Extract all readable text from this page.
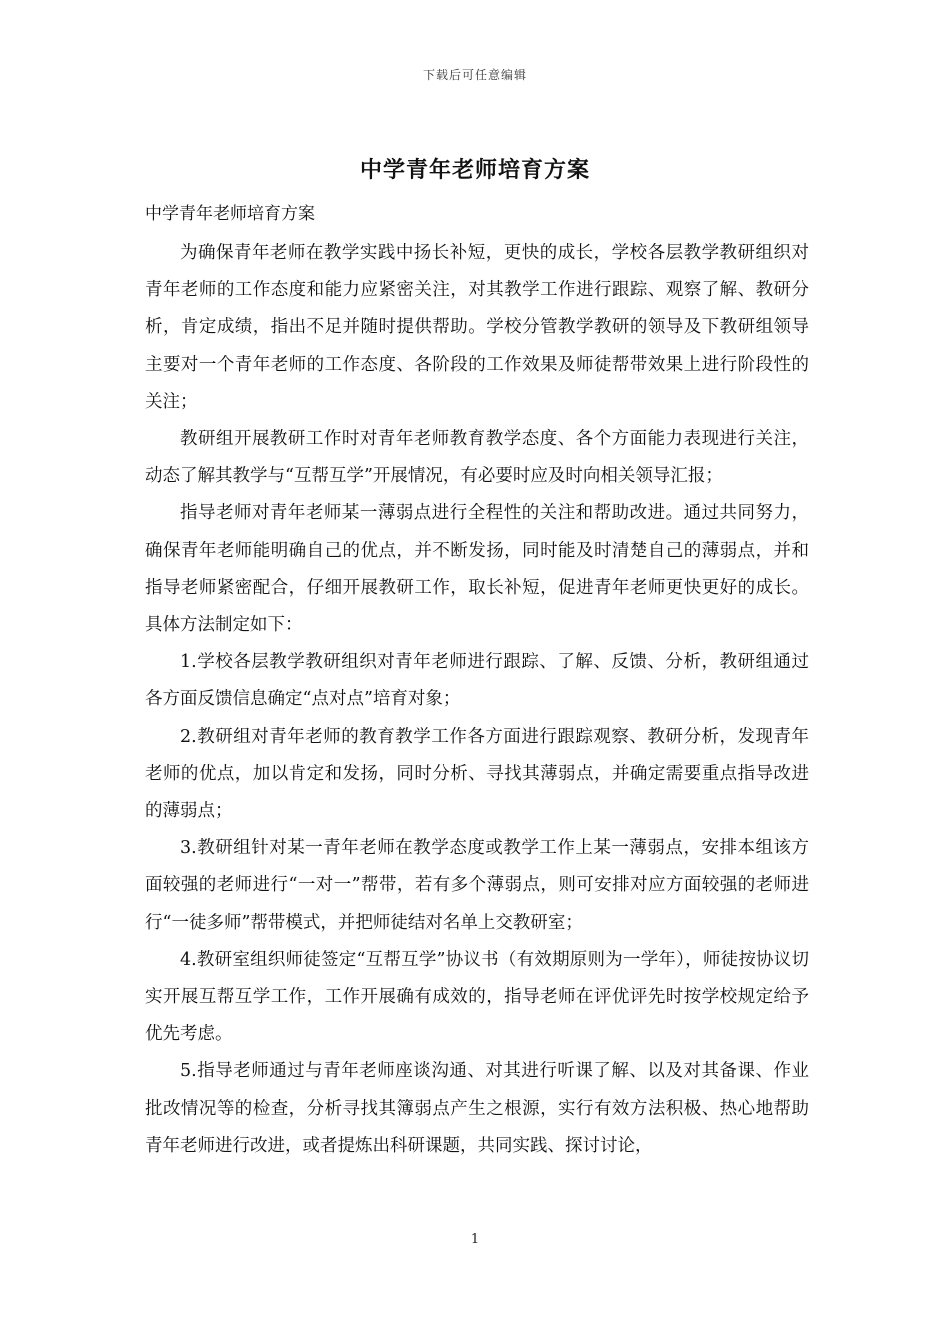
下载后可任意编辑
中学青年老师培育方案

中学青年老师培育方案

为确保青年老师在教学实践中扬长补短，更快的成长，学校各层教学教研组织对青年老师的工作态度和能力应紧密关注，对其教学工作进行跟踪、观察了解、教研分析，肯定成绩，指出不足并随时提供帮助。学校分管教学教研的领导及下教研组领导主要对一个青年老师的工作态度、各阶段的工作效果及师徒帮带效果上进行阶段性的关注；

教研组开展教研工作时对青年老师教育教学态度、各个方面能力表现进行关注，动态了解其教学与“互帮互学”开展情况，有必要时应及时向相关领导汇报；

指导老师对青年老师某一薄弱点进行全程性的关注和帮助改进。通过共同努力，确保青年老师能明确自己的优点，并不断发扬，同时能及时清楚自己的薄弱点，并和指导老师紧密配合，仔细开展教研工作，取长补短，促进青年老师更快更好的成长。具体方法制定如下：

1.学校各层教学教研组织对青年老师进行跟踪、了解、反馈、分析，教研组通过各方面反馈信息确定“点对点”培育对象；

2.教研组对青年老师的教育教学工作各方面进行跟踪观察、教研分析，发现青年老师的优点，加以肯定和发扬，同时分析、寻找其薄弱点，并确定需要重点指导改进的薄弱点；

3.教研组针对某一青年老师在教学态度或教学工作上某一薄弱点，安排本组该方面较强的老师进行“一对一”帮带，若有多个薄弱点，则可安排对应方面较强的老师进行“一徒多师”帮带模式，并把师徒结对名单上交教研室；

4.教研室组织师徒签定“互帮互学”协议书（有效期原则为一学年），师徒按协议切实开展互帮互学工作，工作开展确有成效的，指导老师在评优评先时按学校规定给予优先考虑。

5.指导老师通过与青年老师座谈沟通、对其进行听课了解、以及对其备课、作业批改情况等的检查，分析寻找其簿弱点产生之根源，实行有效方法积极、热心地帮助青年老师进行改进，或者提炼出科研课题，共同实践、探讨讨论，

1
